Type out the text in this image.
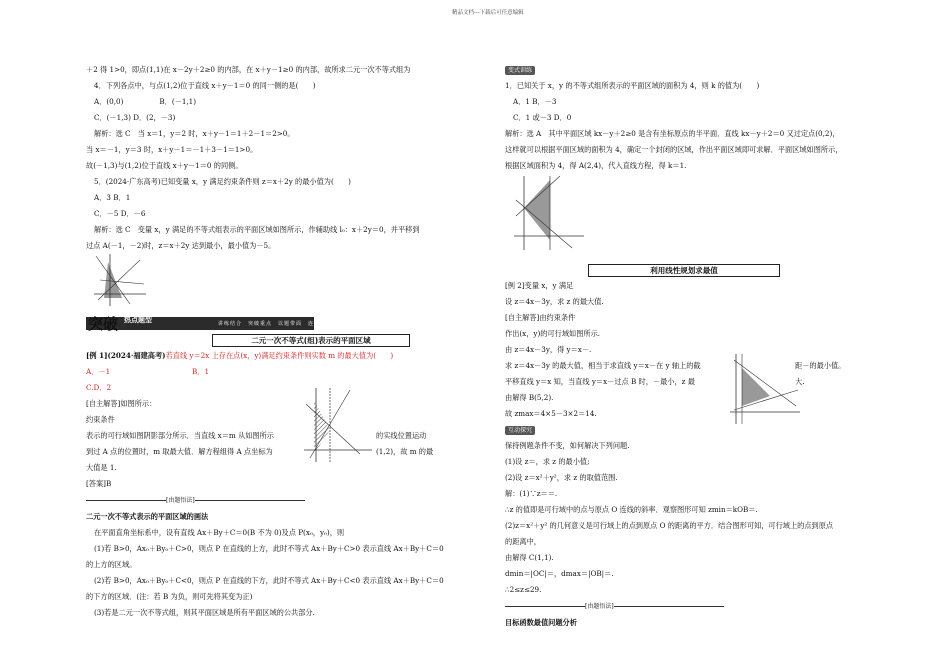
精品文档---下载后可任意编辑
＋2 得 1>0，即点(1,1)在 x－2y＋2≥0 的内部，在 x＋y－1≥0 的内部，故所求二元一次不等式组为
4．下列各点中，与点(1,2)位于直线 x＋y－1＝0 的同一侧的是(　　)
A．(0,0)　　　　　B．(－1,1)
C．(－1,3) D．(2，－3)
解析：选 C　当 x＝1，y＝2 时，x＋y－1＝1＋2－1＝2>0。
当 x＝－1，y＝3 时，x＋y－1＝－1＋3－1＝1>0。
故(－1,3)与(1,2)位于直线 x＋y－1＝0 的同侧。
5．(2024·广东高考)已知变量 x，y 满足约束条件则 z＝x＋2y 的最小值为(　　)
A．3 B．1
C．－5 D．－6
解析：选 C　变量 x，y 满足的不等式组表示的平面区域如图所示，作辅助线 l₀：x＋2y＝0，并平移到
过点 A(－1，－2)时，z＝x＋2y 达到最小，最小值为－5。
突破 热点题型	讲练结合　突破重点　以题带面　连类旁通
二元一次不等式(组)表示的平面区域
[例 1](2024·福建高考)若直线 y＝2x 上存在点(x，y)满足约束条件则实数 m 的最大值为(　　)
A．－1	B．1
C.D．2
[自主解答]如图所示：
约束条件
表示的可行域如图阴影部分所示．当直线 x＝m 从如图所示	的实线位置运动
到过 A 点的位置时，m 取最大值．解方程组得 A 点坐标为	(1,2)，故 m 的最
大值是 1.
[答案]B
[由题悟法]
二元一次不等式表示的平面区域的画法
在平面直角坐标系中，设有直线 Ax＋By＋C＝0(B 不为 0)及点 P(x₀，y₀)，则
(1)若 B>0，Ax₀＋By₀＋C>0，则点 P 在直线的上方，此时不等式 Ax＋By＋C>0 表示直线 Ax＋By＋C＝0
的上方的区域。
(2)若 B>0，Ax₀＋By₀＋C<0，则点 P 在直线的下方，此时不等式 Ax＋By＋C<0 表示直线 Ax＋By＋C＝0
的下方的区域．(注：若 B 为负，则可先将其变为正)
(3)若是二元一次不等式组，则其平面区域是所有平面区域的公共部分.
变式训练
1．已知关于 x，y 的不等式组所表示的平面区域的面积为 4，则 k 的值为(　　)
A．1 B．－3
C．1 或－3 D．0
解析：选 A　其中平面区域 kx－y＋2≥0 是含有坐标原点的半平面．直线 kx－y＋2＝0 又过定点(0,2)，
这样就可以根据平面区域的面积为 4，确定一个封闭的区域，作出平面区域即可求解．平面区域如图所示，
根据区域面积为 4，得 A(2,4)，代入直线方程，得 k＝1.
利用线性规划求最值
[例 2]变量 x，y 满足
设 z＝4x－3y，求 z 的最大值.
[自主解答]由约束条件
作出(x，y)的可行域如图所示.
由 z＝4x－3y，得 y＝x－.
求 z＝4x－3y 的最大值，相当于求直线 y＝x－在 y 轴上的截	距－的最小值。
平移直线 y＝x 知，当直线 y＝x－过点 B 时，－最小，z 最	大.
由解得 B(5,2).
故 zmax＝4×5－3×2＝14.
互动探究
保持例题条件不变，如何解决下列问题.
(1)设 z＝，求 z 的最小值;
(2)设 z＝x²＋y²，求 z 的取值范围.
解：(1)∵z＝＝.
∴z 的值即是可行域中的点与原点 O 连线的斜率．观察图形可知 zmin＝kOB＝.
(2)z＝x²＋y² 的几何意义是可行域上的点到原点 O 的距离的平方．结合图形可知，可行域上的点到原点
的距离中，
由解得 C(1,1).
dmin＝|OC|＝，dmax＝|OB|＝.
∴2≤z≤29.
[由题悟法]
目标函数最值问题分析
